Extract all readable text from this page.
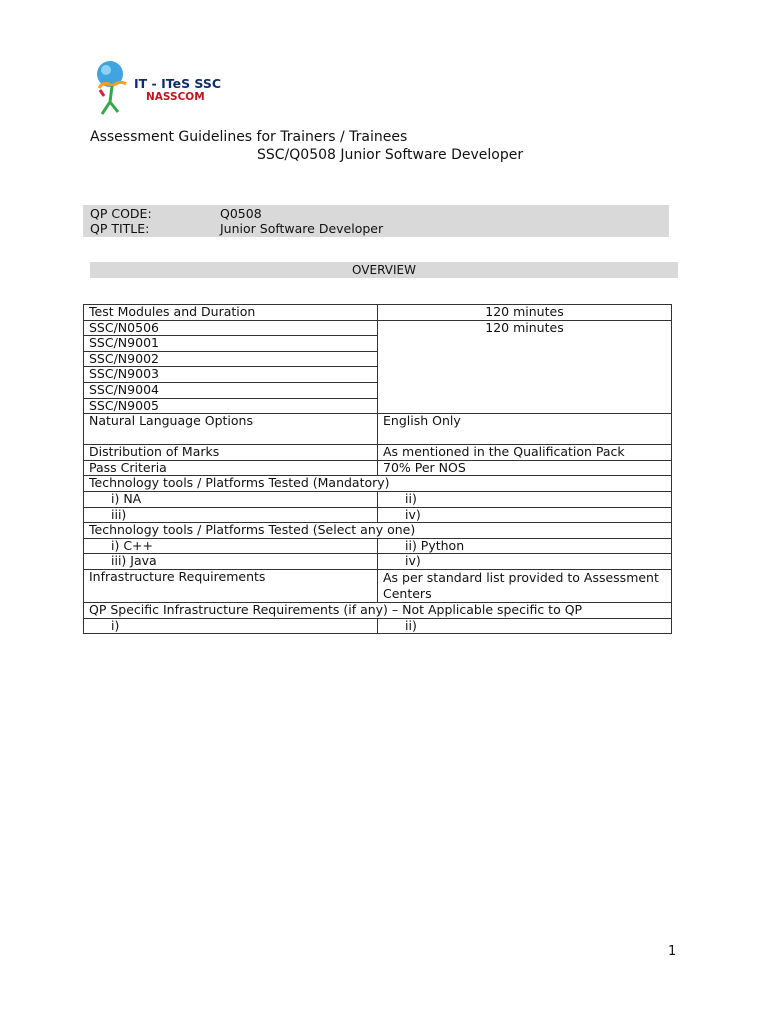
IT - ITeS SSC
NASSCOM
Assessment Guidelines for Trainers / Trainees
SSC/Q0508 Junior Software Developer
QP CODE:	Q0508
QP TITLE:	Junior Software Developer
OVERVIEW
Test Modules and Duration	120 minutes
SSC/N0506	120 minutes
SSC/N9001	
SSC/N9002	
SSC/N9003	
SSC/N9004	
SSC/N9005	
Natural Language Options	English Only
Distribution of Marks	As mentioned in the Qualification Pack
Pass Criteria	70% Per NOS
Technology tools / Platforms Tested (Mandatory)	
i) NA	ii)
iii)	iv)
Technology tools / Platforms Tested (Select any one)	
i) C++	ii) Python
iii) Java	iv)
Infrastructure Requirements	As per standard list provided to Assessment Centers
QP Specific Infrastructure Requirements (if any) – Not Applicable specific to QP	
i)	ii)
1
